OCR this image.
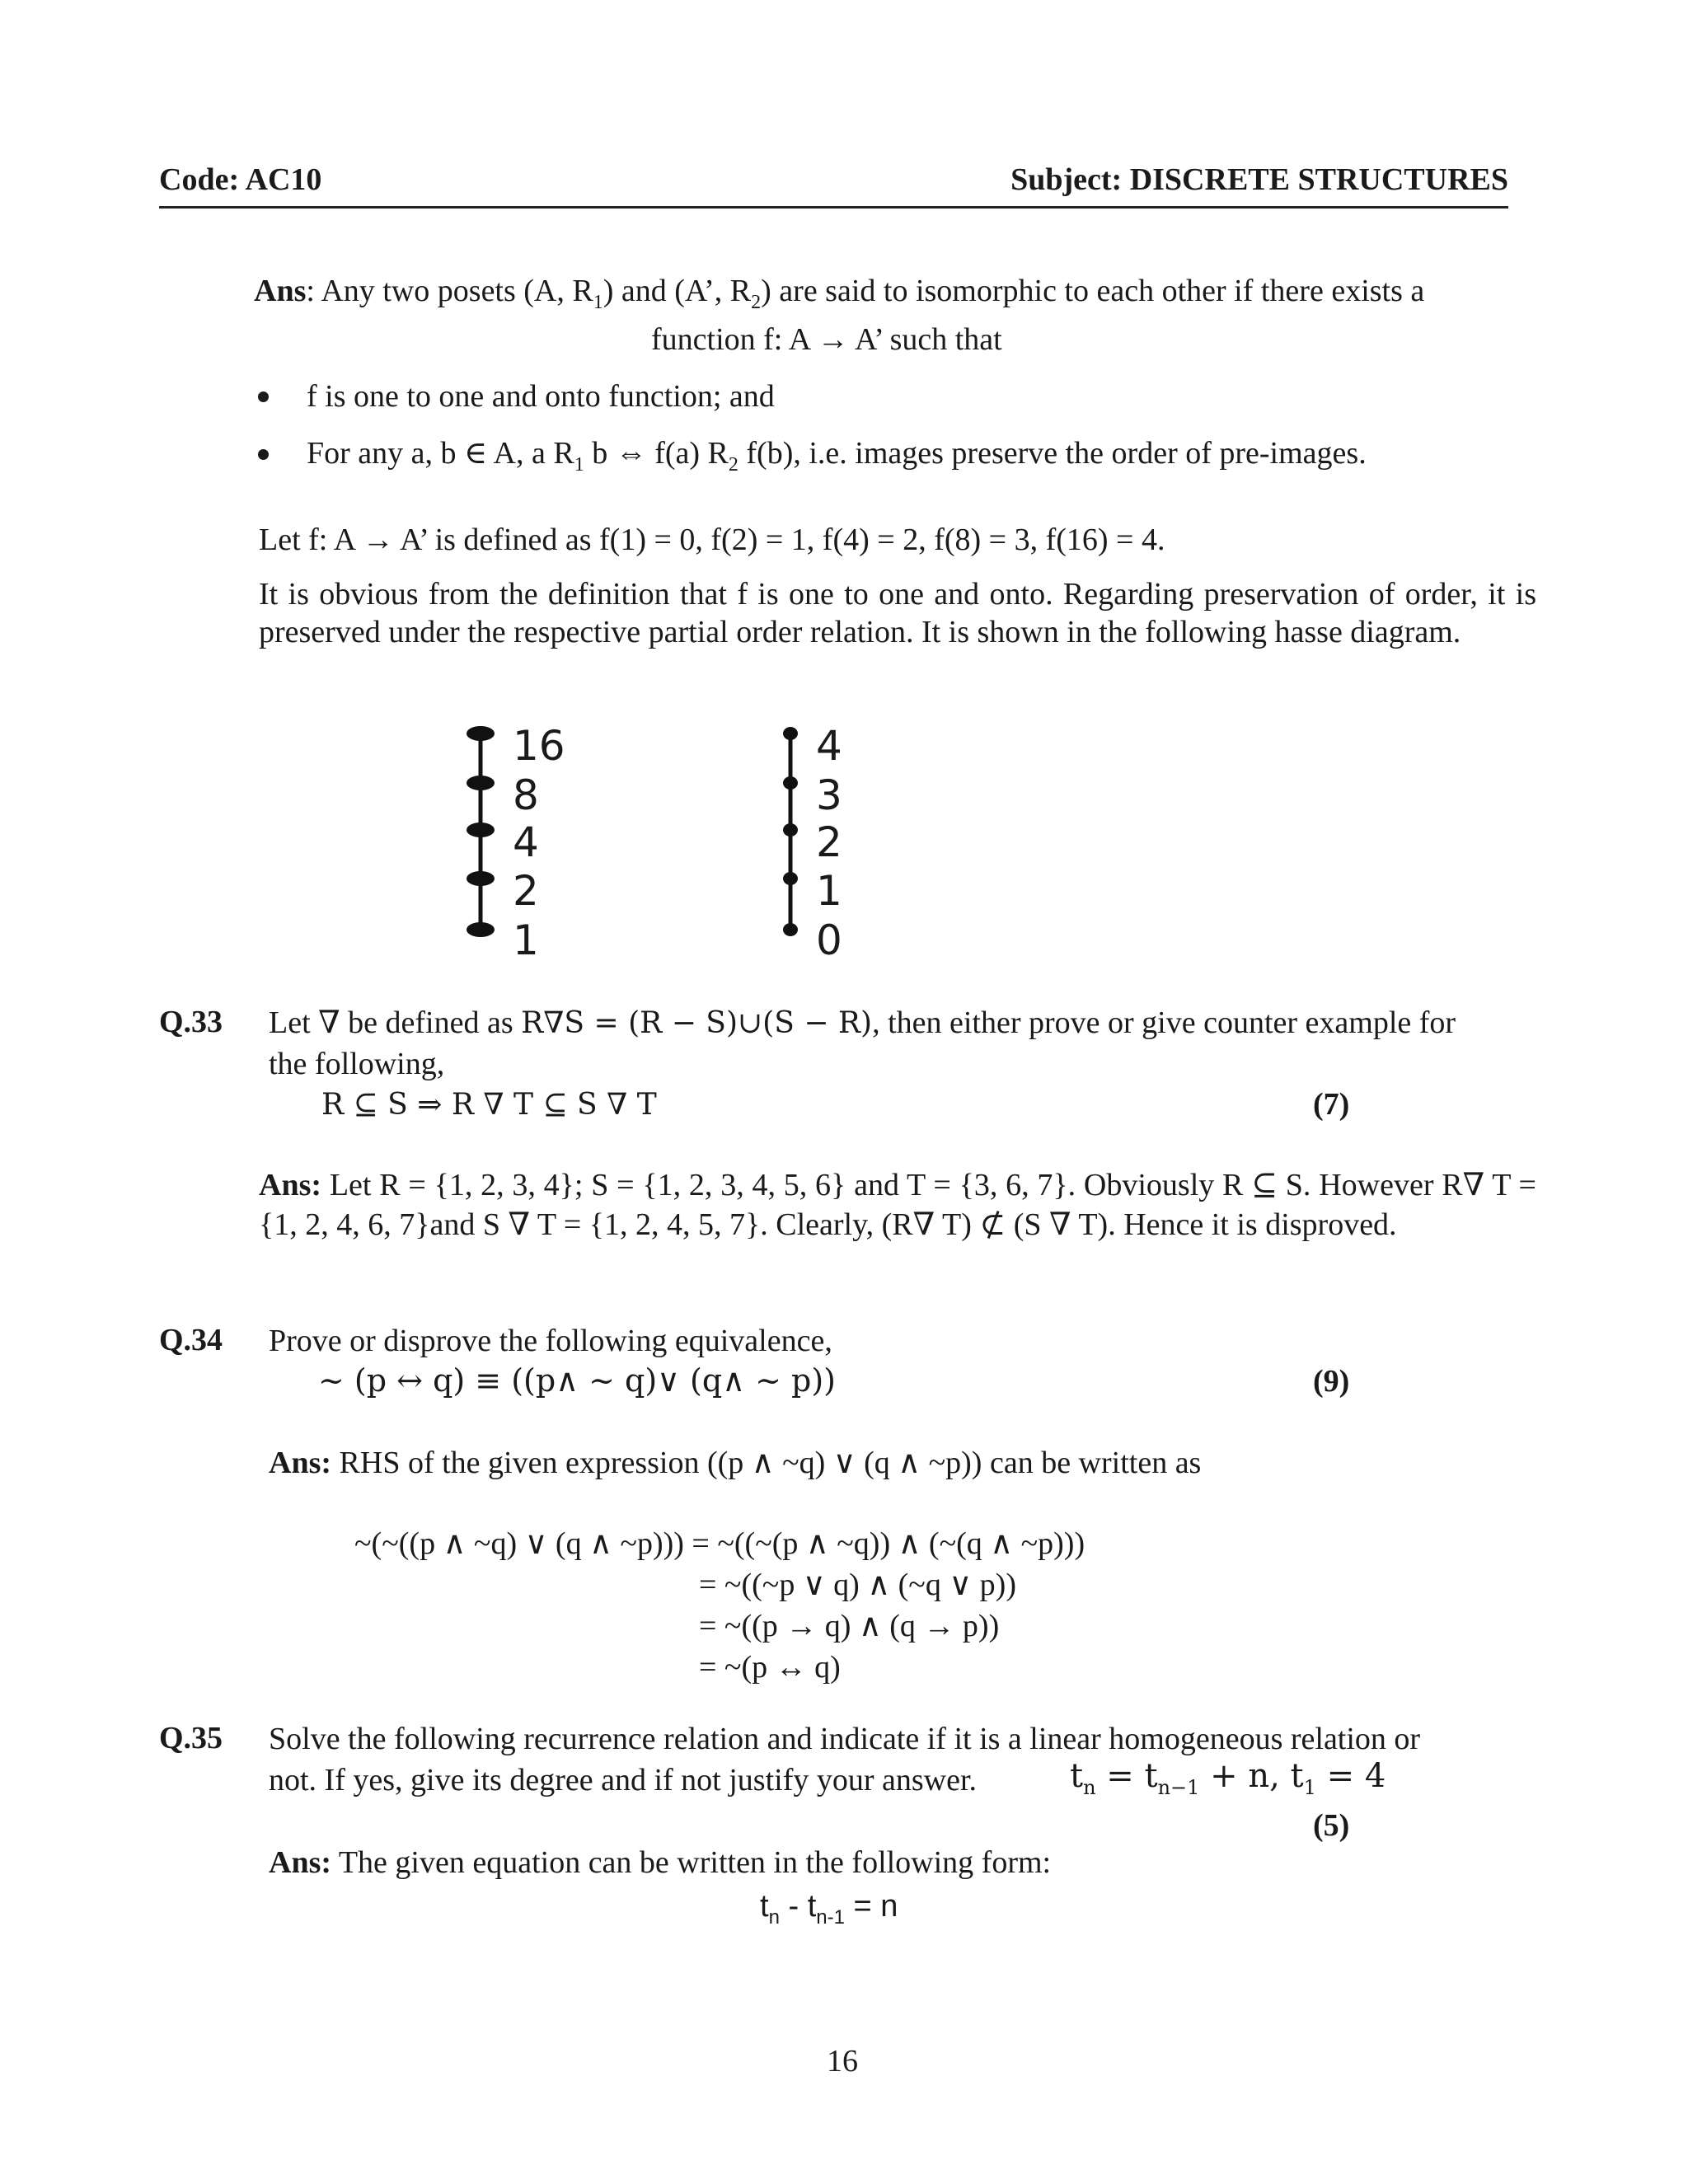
Code: AC10	Subject: DISCRETE STRUCTURES
Ans: Any two posets (A, $R_1$) and (A’, $R_2$) are said to isomorphic to each other if there exists a
function f: A → A’ such that
f is one to one and onto function; and
For any a, b ∈ A, a $R_1$ b ⇔ f(a) $R_2$ f(b), i.e. images preserve the order of pre-images.
Let f: A → A’ is defined as f(1) = 0, f(2) = 1, f(4) = 2, f(8) = 3, f(16) = 4.
It is obvious from the definition that f is one to one and onto. Regarding preservation of order, it is preserved under the respective partial order relation. It is shown in the following hasse diagram.
16
8
4
2
1
4
3
2
1
0
Q.33 Let ∇ be defined as R∇S = (R − S)∪(S − R), then either prove or give counter example for
the following,
R ⊆ S ⇒ R ∇ T ⊆ S ∇ T	(7)
Ans: Let R = {1, 2, 3, 4}; S = {1, 2, 3, 4, 5, 6} and T = {3, 6, 7}. Obviously R ⊆ S. However R∇ T = {1, 2, 4, 6, 7}and S ∇ T = {1, 2, 4, 5, 7}. Clearly, (R∇ T) ⊄ (S ∇ T). Hence it is disproved.
Q.34 Prove or disprove the following equivalence,
~ (p ↔ q) ≡ ((p∧ ~ q)∨ (q∧ ~ p))	(9)
Ans: RHS of the given expression ((p ∧ ~q) ∨ (q ∧ ~p)) can be written as
~(~((p ∧ ~q) ∨ (q ∧ ~p))) = ~((~(p ∧ ~q)) ∧ (~(q ∧ ~p)))
= ~((~p ∨ q) ∧ (~q ∨ p))
= ~((p → q) ∧ (q → p))
= ~(p ↔ q)
Q.35 Solve the following recurrence relation and indicate if it is a linear homogeneous relation or
not. If yes, give its degree and if not justify your answer.	$t_n = t_{n-1} + n$, $t_1 = 4$
(5)
Ans: The given equation can be written in the following form:
$t_n - t_{n-1} = n$
16
